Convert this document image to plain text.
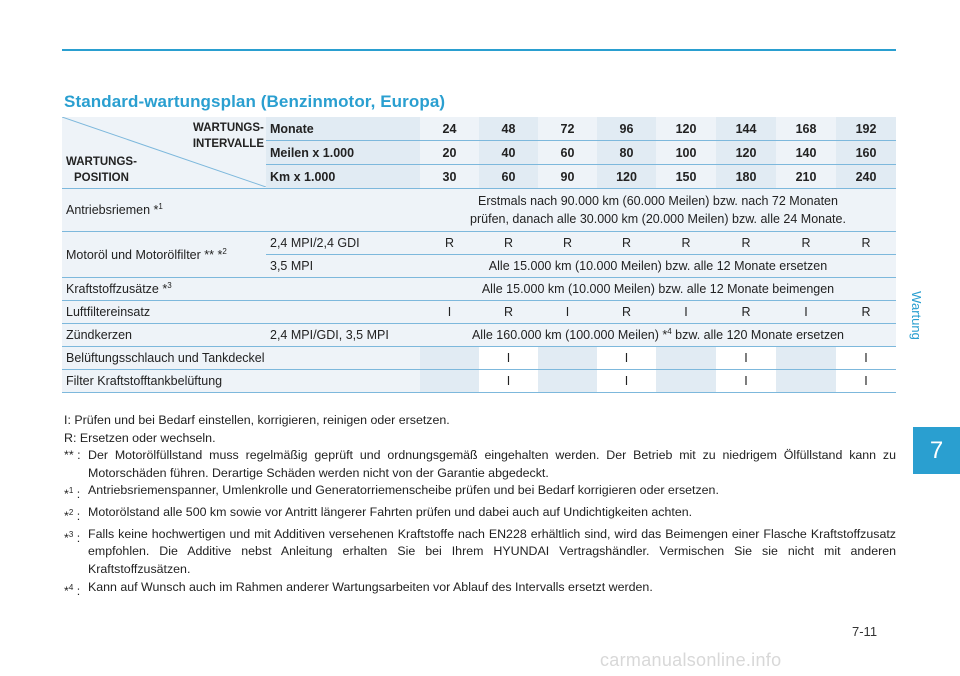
Standard-wartungsplan (Benzinmotor, Europa)
Wartung
7
WARTUNGS-
INTERVALLE
WARTUNGS-
POSITION	Monate	24	48	72	96	120	144	168	192
	Meilen x 1.000	20	40	60	80	100	120	140	160
	Km x 1.000	30	60	90	120	150	180	210	240
Antriebsriemen *$^1$		Erstmals nach 90.000 km (60.000 Meilen) bzw. nach 72 Monaten
prüfen, danach alle 30.000 km (20.000 Meilen) bzw. alle 24 Monate.							

Motoröl und Motorölfilter ** *$^2$	2,4 MPI/2,4 GDI	R	R	R	R	R	R	R	R
	3,5 MPI	Alle 15.000 km (10.000 Meilen) bzw. alle 12 Monate ersetzen							
Kraftstoffzusätze *$^3$		Alle 15.000 km (10.000 Meilen) bzw. alle 12 Monate beimengen							
Luftfiltereinsatz		I	R	I	R	I	R	I	R
Zündkerzen	2,4 MPI/GDI, 3,5 MPI	Alle 160.000 km (100.000 Meilen) *$^4$ bzw. alle 120 Monate ersetzen							
Belüftungsschlauch und Tankdeckel			I		I		I		I
Filter Kraftstofftankbelüftung			I		I		I		I
I: Prüfen und bei Bedarf einstellen, korrigieren, reinigen oder ersetzen.
R: Ersetzen oder wechseln.
** : Der Motorölfüllstand muss regelmäßig geprüft und ordnungsgemäß eingehalten werden. Der Betrieb mit zu niedrigem Ölfüllstand kann zu Motorschäden führen. Derartige Schäden werden nicht von der Garantie abgedeckt.
*$^1$ : Antriebsriemenspanner, Umlenkrolle und Generatorriemenscheibe prüfen und bei Bedarf korrigieren oder ersetzen.
*$^2$ : Motorölstand alle 500 km sowie vor Antritt längerer Fahrten prüfen und dabei auch auf Undichtigkeiten achten.
*$^3$ : Falls keine hochwertigen und mit Additiven versehenen Kraftstoffe nach EN228 erhältlich sind, wird das Beimengen einer Flasche Kraftstoffzusatz empfohlen. Die Additive nebst Anleitung erhalten Sie bei Ihrem HYUNDAI Vertragshändler. Vermischen Sie sie nicht mit anderen Kraftstoffzusätzen.
*$^4$ : Kann auf Wunsch auch im Rahmen anderer Wartungsarbeiten vor Ablauf des Intervalls ersetzt werden.
7-11
carmanualsonline.info
